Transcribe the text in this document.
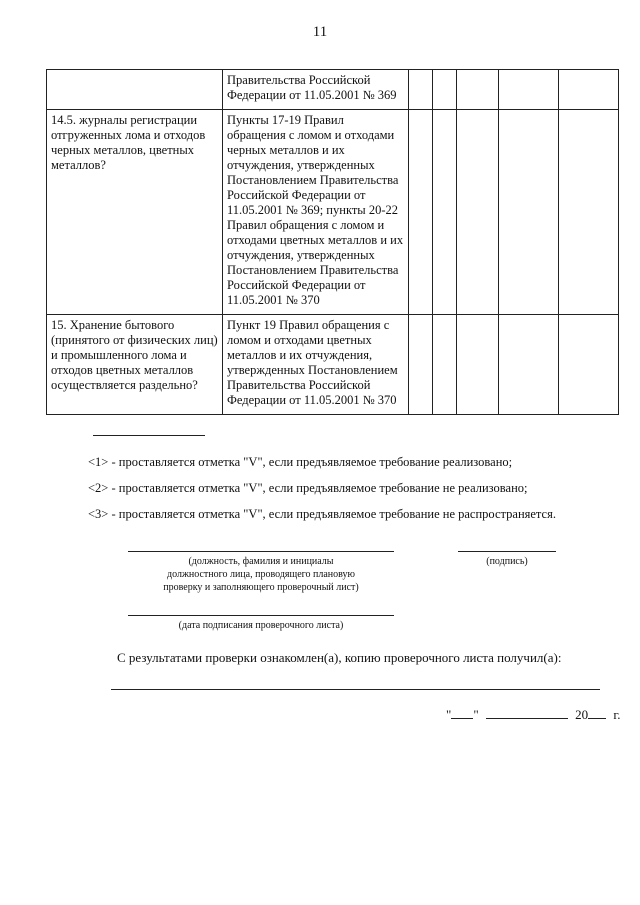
11
	Правительства Российской Федерации от 11.05.2001 № 369					
14.5. журналы регистрации отгруженных лома и отходов черных металлов, цветных металлов?	Пункты 17-19 Правил обращения с ломом и отходами черных металлов и их отчуждения, утвержденных Постановлением Правительства Российской Федерации от 11.05.2001 № 369; пункты 20-22 Правил обращения с ломом и отходами цветных металлов и их отчуждения, утвержденных Постановлением Правительства Российской Федерации от 11.05.2001 № 370					
15. Хранение бытового (принятого от физических лиц) и промышленного лома и отходов цветных металлов осуществляется раздельно?	Пункт 19 Правил обращения с ломом и отходами цветных металлов и их отчуждения, утвержденных Постановлением Правительства Российской Федерации от 11.05.2001 № 370					
<1> - проставляется отметка "V", если предъявляемое требование реализовано;
<2> - проставляется отметка "V", если предъявляемое требование не реализовано;
<3> - проставляется отметка "V", если предъявляемое требование не распространяется.
(должность, фамилия и инициалы
должностного лица, проводящего плановую
проверку и заполняющего проверочный лист)
(подпись)
(дата подписания проверочного листа)
С результатами проверки ознакомлен(а), копию проверочного листа получил(а):
" "	20 г.
